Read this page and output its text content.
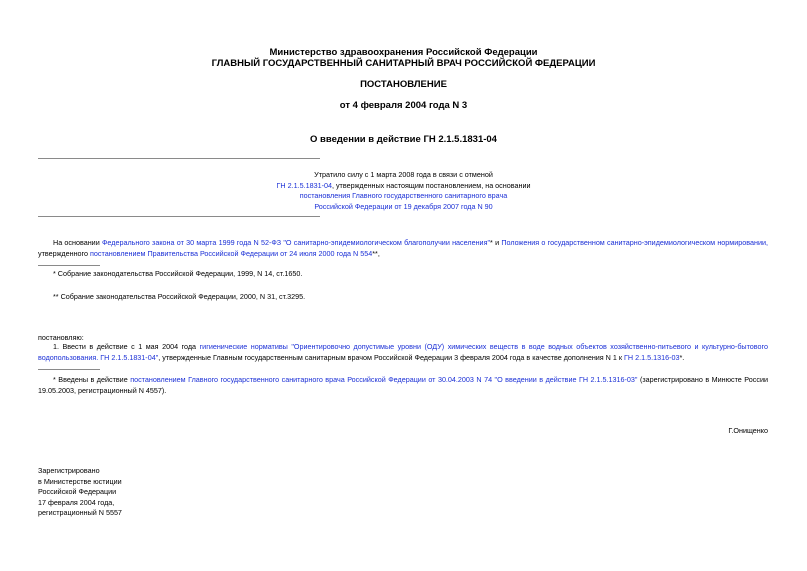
Министерство здравоохранения Российской Федерации
ГЛАВНЫЙ ГОСУДАРСТВЕННЫЙ САНИТАРНЫЙ ВРАЧ РОССИЙСКОЙ ФЕДЕРАЦИИ
ПОСТАНОВЛЕНИЕ
от 4 февраля 2004 года N 3
О введении в действие ГН 2.1.5.1831-04
Утратило силу с 1 марта 2008 года в связи с отменой
ГН 2.1.5.1831-04, утвержденных настоящим постановлением, на основании
постановления Главного государственного санитарного врача
Российской Федерации от 19 декабря 2007 года N 90
На основании Федерального закона от 30 марта 1999 года N 52-ФЗ "О санитарно-эпидемиологическом благополучии населения"* и Положения о государственном санитарно-эпидемиологическом нормировании, утвержденного постановлением Правительства Российской Федерации от 24 июля 2000 года N 554**,
* Собрание законодательства Российской Федерации, 1999, N 14, ст.1650.
** Собрание законодательства Российской Федерации, 2000, N 31, ст.3295.
постановляю:
1. Ввести в действие с 1 мая 2004 года гигиенические нормативы "Ориентировочно допустимые уровни (ОДУ) химических веществ в воде водных объектов хозяйственно-питьевого и культурно-бытового водопользования. ГН 2.1.5.1831-04", утвержденные Главным государственным санитарным врачом Российской Федерации 3 февраля 2004 года в качестве дополнения N 1 к ГН 2.1.5.1316-03*.
* Введены в действие постановлением Главного государственного санитарного врача Российской Федерации от 30.04.2003 N 74 "О введении в действие ГН 2.1.5.1316-03" (зарегистрировано в Минюсте России 19.05.2003, регистрационный N 4557).
Г.Онищенко
Зарегистрировано
в Министерстве юстиции
Российской Федерации
17 февраля 2004 года,
регистрационный N 5557
